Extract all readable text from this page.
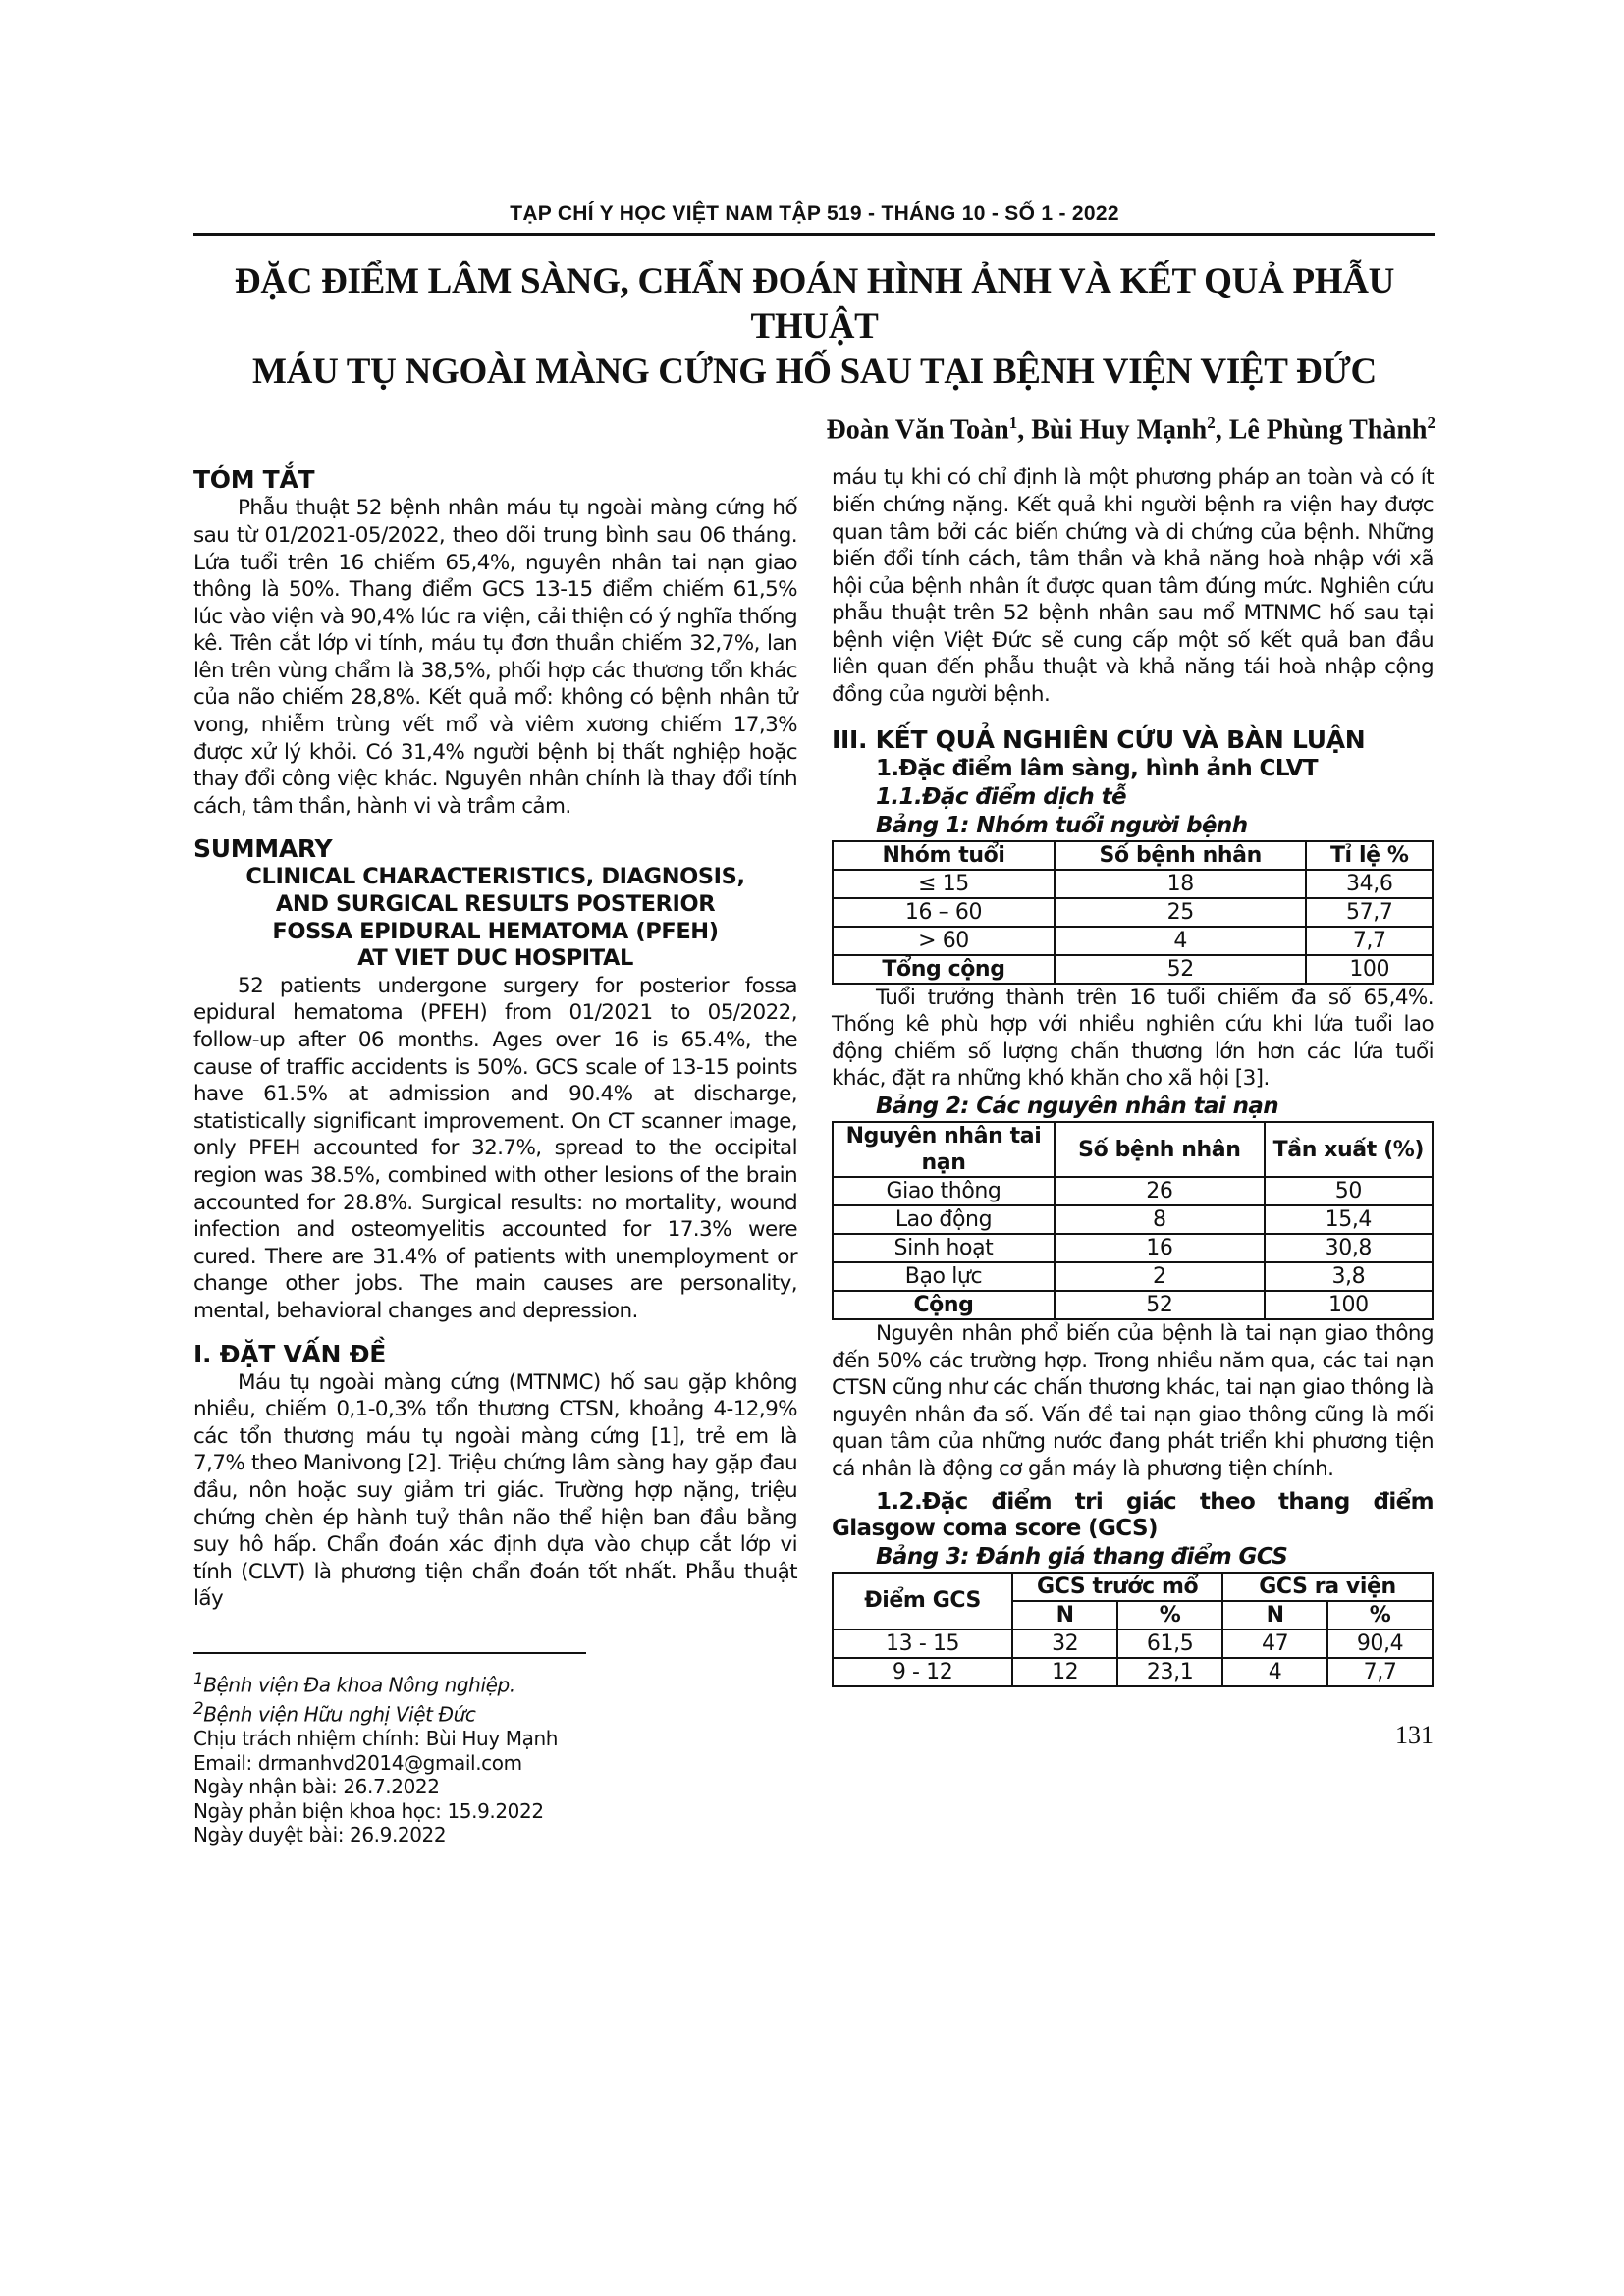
TẠP CHÍ Y HỌC VIỆT NAM TẬP 519 - THÁNG 10 - SỐ 1 - 2022
ĐẶC ĐIỂM LÂM SÀNG, CHẨN ĐOÁN HÌNH ẢNH VÀ KẾT QUẢ PHẪU THUẬT
MÁU TỤ NGOÀI MÀNG CỨNG HỐ SAU TẠI BỆNH VIỆN VIỆT ĐỨC
Đoàn Văn Toàn$^1$, Bùi Huy Mạnh$^2$, Lê Phùng Thành$^2$
TÓM TẮT

Phẫu thuật 52 bệnh nhân máu tụ ngoài màng cứng hố sau từ 01/2021-05/2022, theo dõi trung bình sau 06 tháng. Lứa tuổi trên 16 chiếm 65,4%, nguyên nhân tai nạn giao thông là 50%. Thang điểm GCS 13-15 điểm chiếm 61,5% lúc vào viện và 90,4% lúc ra viện, cải thiện có ý nghĩa thống kê. Trên cắt lớp vi tính, máu tụ đơn thuần chiếm 32,7%, lan lên trên vùng chẩm là 38,5%, phối hợp các thương tổn khác của não chiếm 28,8%. Kết quả mổ: không có bệnh nhân tử vong, nhiễm trùng vết mổ và viêm xương chiếm 17,3% được xử lý khỏi. Có 31,4% người bệnh bị thất nghiệp hoặc thay đổi công việc khác. Nguyên nhân chính là thay đổi tính cách, tâm thần, hành vi và trầm cảm.

SUMMARY
CLINICAL CHARACTERISTICS, DIAGNOSIS,
AND SURGICAL RESULTS POSTERIOR
FOSSA EPIDURAL HEMATOMA (PFEH)
AT VIET DUC HOSPITAL

52 patients undergone surgery for posterior fossa epidural hematoma (PFEH) from 01/2021 to 05/2022, follow-up after 06 months. Ages over 16 is 65.4%, the cause of traffic accidents is 50%. GCS scale of 13-15 points have 61.5% at admission and 90.4% at discharge, statistically significant improvement. On CT scanner image, only PFEH accounted for 32.7%, spread to the occipital region was 38.5%, combined with other lesions of the brain accounted for 28.8%. Surgical results: no mortality, wound infection and osteomyelitis accounted for 17.3% were cured. There are 31.4% of patients with unemployment or change other jobs. The main causes are personality, mental, behavioral changes and depression.

I. ĐẶT VẤN ĐỀ

Máu tụ ngoài màng cứng (MTNMC) hố sau gặp không nhiều, chiếm 0,1-0,3% tổn thương CTSN, khoảng 4-12,9% các tổn thương máu tụ ngoài màng cứng [1], trẻ em là 7,7% theo Manivong [2]. Triệu chứng lâm sàng hay gặp đau đầu, nôn hoặc suy giảm tri giác. Trường hợp nặng, triệu chứng chèn ép hành tuỷ thân não thể hiện ban đầu bằng suy hô hấp. Chẩn đoán xác định dựa vào chụp cắt lớp vi tính (CLVT) là phương tiện chẩn đoán tốt nhất. Phẫu thuật lấy

$^1$Bệnh viện Đa khoa Nông nghiệp.
$^2$Bệnh viện Hữu nghị Việt Đức
Chịu trách nhiệm chính: Bùi Huy Mạnh
Email: drmanhvd2014@gmail.com
Ngày nhận bài: 26.7.2022
Ngày phản biện khoa học: 15.9.2022
Ngày duyệt bài: 26.9.2022

máu tụ khi có chỉ định là một phương pháp an toàn và có ít biến chứng nặng. Kết quả khi người bệnh ra viện hay được quan tâm bởi các biến chứng và di chứng của bệnh. Những biến đổi tính cách, tâm thần và khả năng hoà nhập với xã hội của bệnh nhân ít được quan tâm đúng mức. Nghiên cứu phẫu thuật trên 52 bệnh nhân sau mổ MTNMC hố sau tại bệnh viện Việt Đức sẽ cung cấp một số kết quả ban đầu liên quan đến phẫu thuật và khả năng tái hoà nhập cộng đồng của người bệnh.

III. KẾT QUẢ NGHIÊN CỨU VÀ BÀN LUẬN
1.Đặc điểm lâm sàng, hình ảnh CLVT
1.1.Đặc điểm dịch tễ
Bảng 1: Nhóm tuổi người bệnh
Nhóm tuổi	Số bệnh nhân	Tỉ lệ %
≤ 15	18	34,6
16 – 60	25	57,7
> 60	4	7,7
Tổng cộng	52	100

Tuổi trưởng thành trên 16 tuổi chiếm đa số 65,4%. Thống kê phù hợp với nhiều nghiên cứu khi lứa tuổi lao động chiếm số lượng chấn thương lớn hơn các lứa tuổi khác, đặt ra những khó khăn cho xã hội [3].

Bảng 2: Các nguyên nhân tai nạn
Nguyên nhân tai nạn	Số bệnh nhân	Tần xuất (%)
Giao thông	26	50
Lao động	8	15,4
Sinh hoạt	16	30,8
Bạo lực	2	3,8
Cộng	52	100

Nguyên nhân phổ biến của bệnh là tai nạn giao thông đến 50% các trường hợp. Trong nhiều năm qua, các tai nạn CTSN cũng như các chấn thương khác, tai nạn giao thông là nguyên nhân đa số. Vấn đề tai nạn giao thông cũng là mối quan tâm của những nước đang phát triển khi phương tiện cá nhân là động cơ gắn máy là phương tiện chính.

1.2.Đặc điểm tri giác theo thang điểm Glasgow coma score (GCS)

Bảng 3: Đánh giá thang điểm GCS
Điểm GCS	GCS trước mổ		GCS ra viện	
	N	%	N	%
13 - 15	32	61,5	47	90,4
9 - 12	12	23,1	4	7,7
131
